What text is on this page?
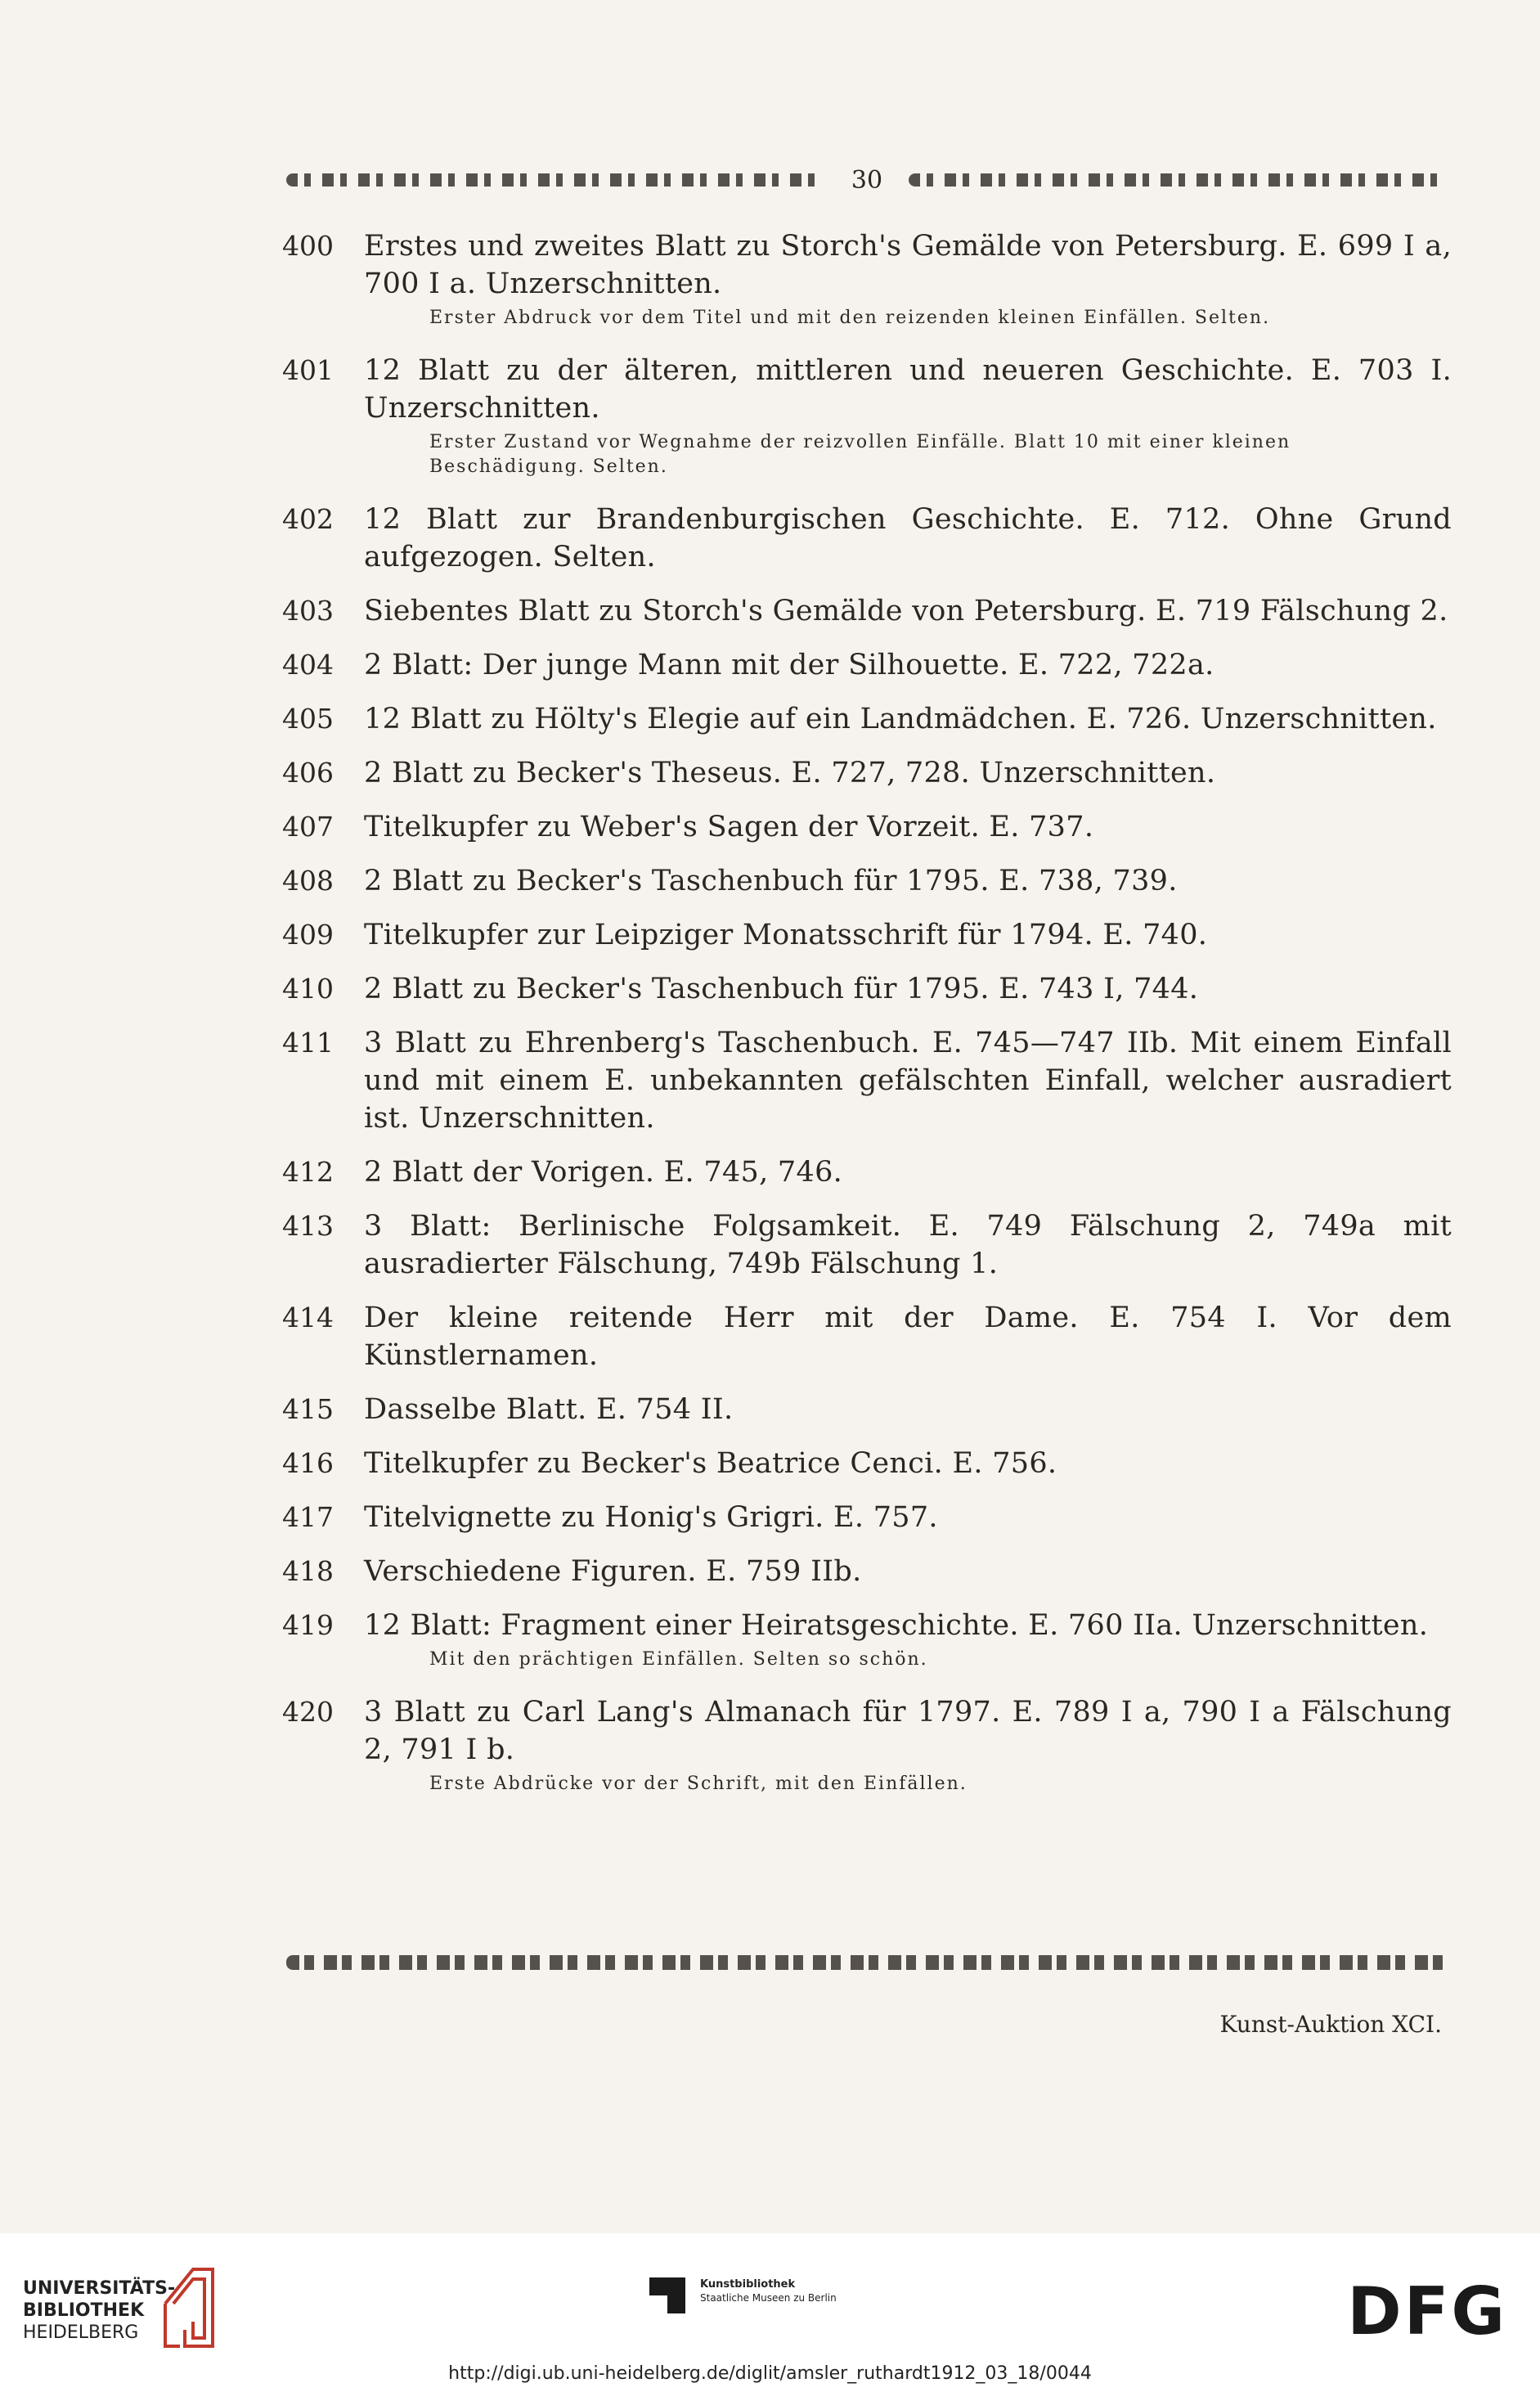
30
400	Erstes und zweites Blatt zu Storch's Gemälde von Petersburg. E. 699 I a, 700 I a. Unzerschnitten.
Erster Abdruck vor dem Titel und mit den reizenden kleinen Einfällen. Selten.
401	12 Blatt zu der älteren, mittleren und neueren Geschichte. E. 703 I. Unzerschnitten.
Erster Zustand vor Wegnahme der reizvollen Einfälle. Blatt 10 mit einer kleinen Beschädigung. Selten.
402	12 Blatt zur Brandenburgischen Geschichte. E. 712. Ohne Grund aufgezogen. Selten.
403	Siebentes Blatt zu Storch's Gemälde von Petersburg. E. 719 Fälschung 2.
404	2 Blatt: Der junge Mann mit der Silhouette. E. 722, 722a.
405	12 Blatt zu Hölty's Elegie auf ein Landmädchen. E. 726. Unzerschnitten.
406	2 Blatt zu Becker's Theseus. E. 727, 728. Unzerschnitten.
407	Titelkupfer zu Weber's Sagen der Vorzeit. E. 737.
408	2 Blatt zu Becker's Taschenbuch für 1795. E. 738, 739.
409	Titelkupfer zur Leipziger Monatsschrift für 1794. E. 740.
410	2 Blatt zu Becker's Taschenbuch für 1795. E. 743 I, 744.
411	3 Blatt zu Ehrenberg's Taschenbuch. E. 745—747 IIb. Mit einem Einfall und mit einem E. unbekannten gefälschten Einfall, welcher ausradiert ist. Unzerschnitten.
412	2 Blatt der Vorigen. E. 745, 746.
413	3 Blatt: Berlinische Folgsamkeit. E. 749 Fälschung 2, 749a mit ausradierter Fälschung, 749b Fälschung 1.
414	Der kleine reitende Herr mit der Dame. E. 754 I. Vor dem Künstlernamen.
415	Dasselbe Blatt. E. 754 II.
416	Titelkupfer zu Becker's Beatrice Cenci. E. 756.
417	Titelvignette zu Honig's Grigri. E. 757.
418	Verschiedene Figuren. E. 759 IIb.
419	12 Blatt: Fragment einer Heiratsgeschichte. E. 760 IIa. Unzerschnitten.
Mit den prächtigen Einfällen. Selten so schön.
420	3 Blatt zu Carl Lang's Almanach für 1797. E. 789 I a, 790 I a Fälschung 2, 791 I b.
Erste Abdrücke vor der Schrift, mit den Einfällen.
Kunst-Auktion XCI.
UNIVERSITÄTS-
BIBLIOTHEK
HEIDELBERG
Kunstbibliothek
Staatliche Museen zu Berlin	DFG
http://digi.ub.uni-heidelberg.de/diglit/amsler_ruthardt1912_03_18/0044
